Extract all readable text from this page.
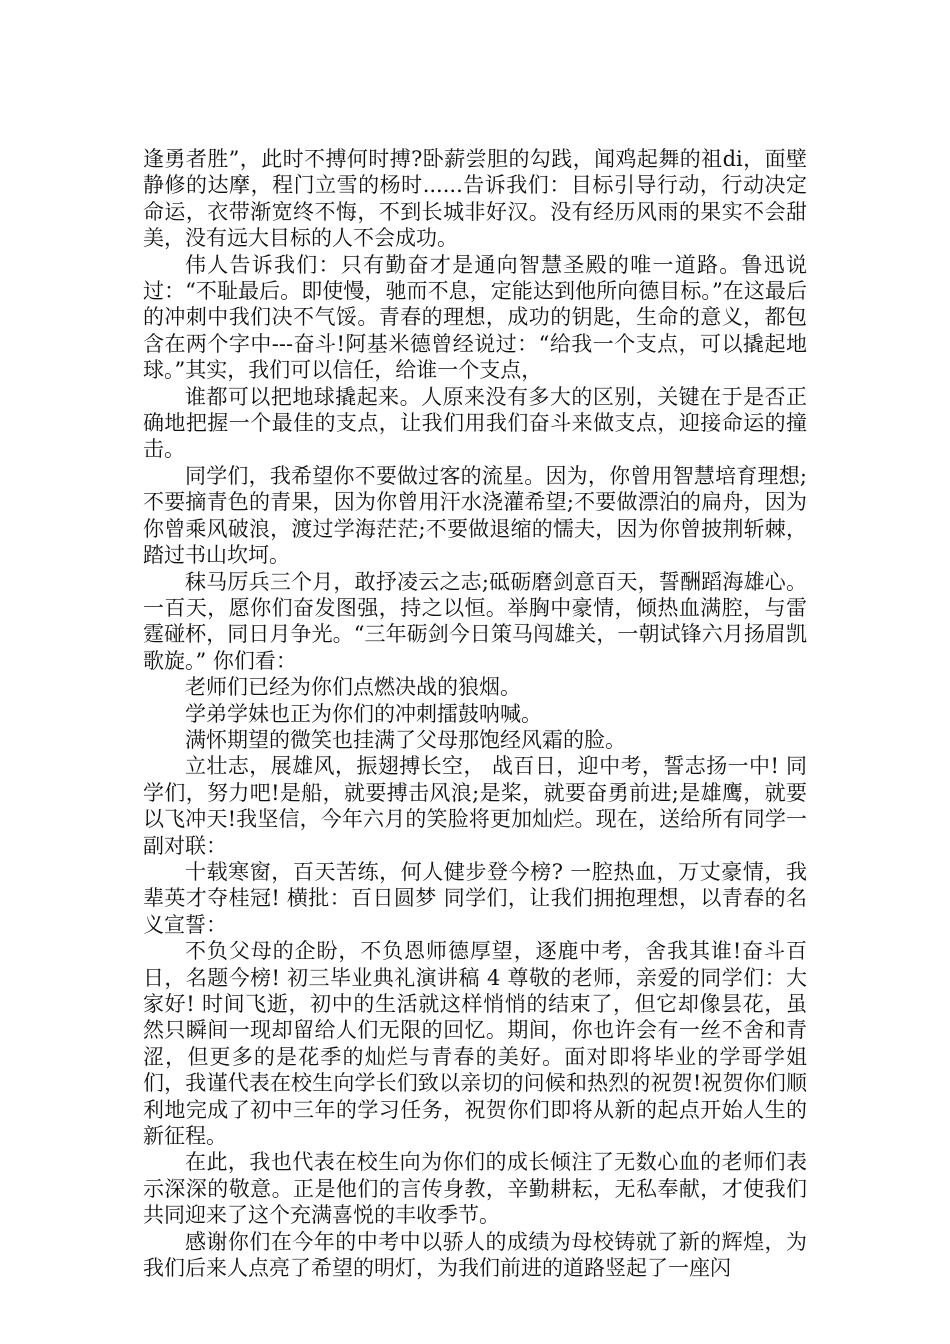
逢勇者胜”，此时不搏何时搏?卧薪尝胆的勾践，闻鸡起舞的祖di，面壁静修的达摩，程门立雪的杨时......告诉我们：目标引导行动，行动决定命运，衣带渐宽终不悔，不到长城非好汉。没有经历风雨的果实不会甜美，没有远大目标的人不会成功。

伟人告诉我们：只有勤奋才是通向智慧圣殿的唯一道路。鲁迅说过：“不耻最后。即使慢，驰而不息，定能达到他所向德目标。”在这最后的冲刺中我们决不气馁。青春的理想，成功的钥匙，生命的意义，都包含在两个字中---奋斗!阿基米德曾经说过：“给我一个支点，可以撬起地球。”其实，我们可以信任，给谁一个支点，

谁都可以把地球撬起来。人原来没有多大的区别，关键在于是否正确地把握一个最佳的支点，让我们用我们奋斗来做支点，迎接命运的撞击。

同学们，我希望你不要做过客的流星。因为，你曾用智慧培育理想;不要摘青色的青果，因为你曾用汗水浇灌希望;不要做漂泊的扁舟，因为你曾乘风破浪，渡过学海茫茫;不要做退缩的懦夫，因为你曾披荆斩棘，踏过书山坎坷。

秣马厉兵三个月，敢抒凌云之志;砥砺磨剑意百天，誓酬蹈海雄心。一百天，愿你们奋发图强，持之以恒。举胸中豪情，倾热血满腔，与雷霆碰杯，同日月争光。“三年砺剑今日策马闯雄关，一朝试锋六月扬眉凯歌旋。” 你们看：

老师们已经为你们点燃决战的狼烟。

学弟学妹也正为你们的冲刺擂鼓呐喊。

满怀期望的微笑也挂满了父母那饱经风霜的脸。

立壮志，展雄风，振翅搏长空， 战百日，迎中考，誓志扬一中! 同学们，努力吧!是船，就要搏击风浪;是桨，就要奋勇前进;是雄鹰，就要以飞冲天!我坚信，今年六月的笑脸将更加灿烂。现在，送给所有同学一副对联：

十载寒窗，百天苦练，何人健步登今榜? 一腔热血，万丈豪情，我辈英才夺桂冠! 横批：百日圆梦 同学们，让我们拥抱理想，以青春的名义宣誓：

不负父母的企盼，不负恩师德厚望，逐鹿中考，舍我其谁!奋斗百日，名题今榜! 初三毕业典礼演讲稿 4 尊敬的老师，亲爱的同学们：大家好! 时间飞逝，初中的生活就这样悄悄的结束了，但它却像昙花，虽然只瞬间一现却留给人们无限的回忆。期间，你也许会有一丝不舍和青涩，但更多的是花季的灿烂与青春的美好。面对即将毕业的学哥学姐们，我谨代表在校生向学长们致以亲切的问候和热烈的祝贺!祝贺你们顺利地完成了初中三年的学习任务，祝贺你们即将从新的起点开始人生的新征程。

在此，我也代表在校生向为你们的成长倾注了无数心血的老师们表示深深的敬意。正是他们的言传身教，辛勤耕耘，无私奉献，才使我们共同迎来了这个充满喜悦的丰收季节。

感谢你们在今年的中考中以骄人的成绩为母校铸就了新的辉煌，为我们后来人点亮了希望的明灯，为我们前进的道路竖起了一座闪
